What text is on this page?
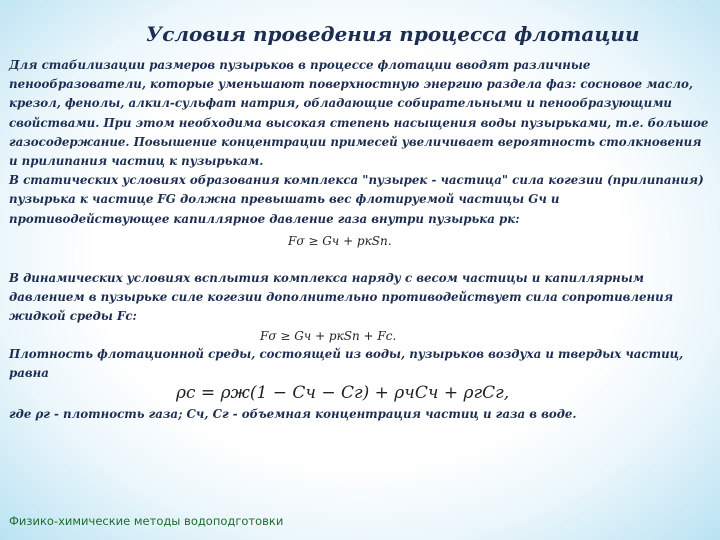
Условия проведения процесса флотации

Для стабилизации размеров пузырьков в процессе флотации вводят различные пенообразователи, которые уменьшают поверхностную энергию раздела фаз: сосновое масло, крезол, фенолы, алкил-сульфат натрия, обладающие собирательными и пенообразующими свойствами. При этом необходима высокая степень насыщения воды пузырьками, т.е. большое газосодержание. Повышение концентрации примесей увеличивает вероятность столкновения и прилипания частиц к пузырькам.

В статических условиях образования комплекса "пузырек - частица" сила когезии (прилипания) пузырька к частице FG должна превышать вес флотируемой частицы Gч и противодействующее капиллярное давление газа внутри пузырька рк:

Fσ ≥ Gч + pкSп.

В динамических условиях всплытия комплекса наряду с весом частицы и капиллярным давлением в пузырьке силе когезии дополнительно противодействует сила сопротивления жидкой среды Fc:

Fσ ≥ Gч + pкSп + Fc.

Плотность флотационной среды, состоящей из воды, пузырьков воздуха и твердых частиц, равна

ρc = ρж(1 − Cч − Cг) + ρчCч + ρгCг,

где ρг - плотность газа; Cч, Cг - объемная концентрация частиц и газа в воде.

Физико-химические методы водоподготовки
